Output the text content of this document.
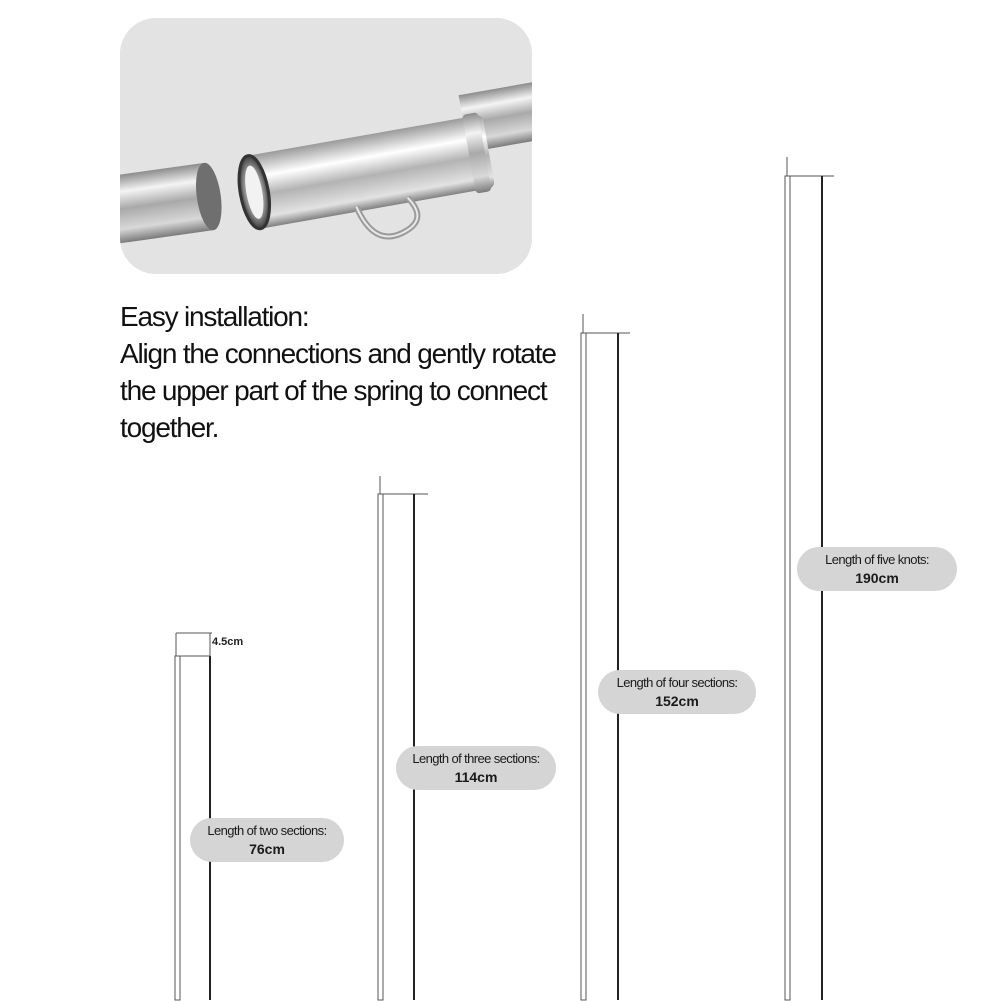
Easy installation:
Align the connections and gently rotate
the upper part of the spring to connect
together.
4.5cm
Length of two sections:
76cm
Length of three sections:
114cm
Length of four sections:
152cm
Length of five knots:
190cm
